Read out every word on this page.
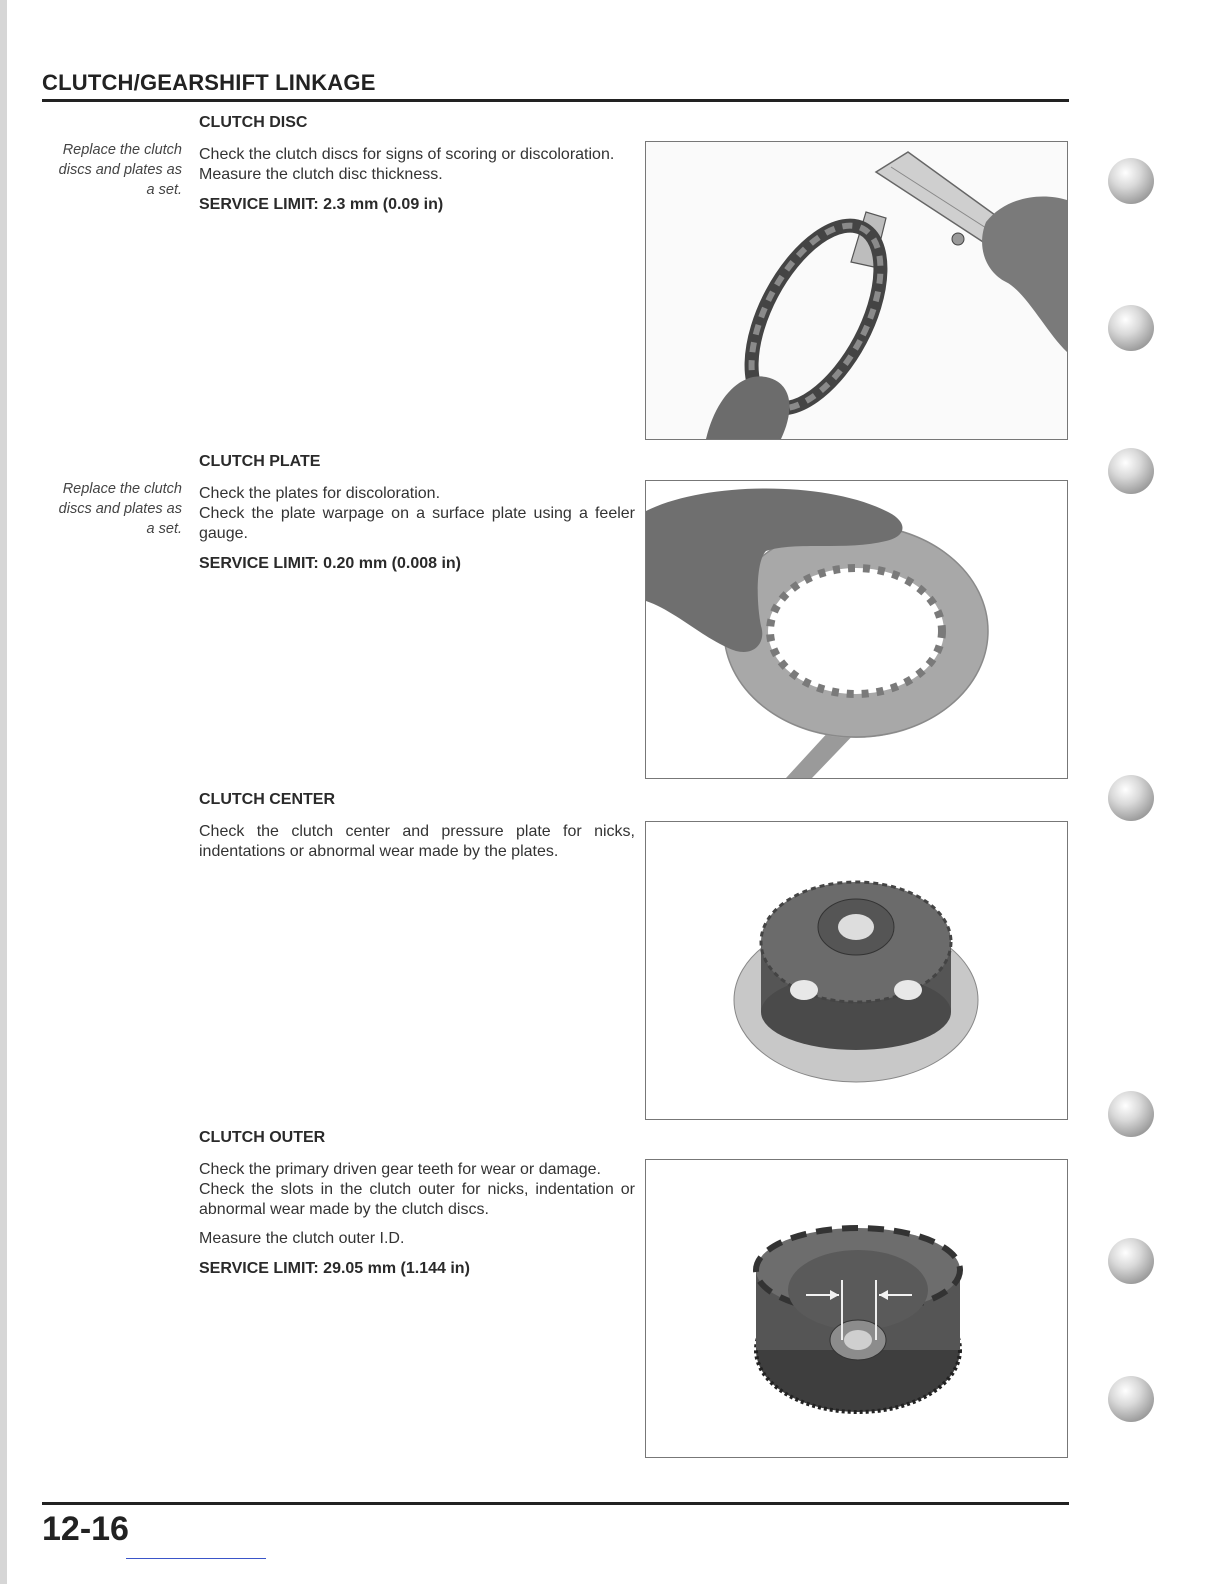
CLUTCH/GEARSHIFT LINKAGE
Replace the clutch
discs and plates as
a set.
CLUTCH DISC

Check the clutch discs for signs of scoring or discoloration.

Measure the clutch disc thickness.

SERVICE LIMIT: 2.3 mm (0.09 in)
Replace the clutch
discs and plates as
a set.
CLUTCH PLATE

Check the plates for discoloration.

Check the plate warpage on a surface plate using a feeler gauge.

SERVICE LIMIT: 0.20 mm (0.008 in)
CLUTCH CENTER

Check the clutch center and pressure plate for nicks, indentations or abnormal wear made by the plates.

CLUTCH OUTER

Check the primary driven gear teeth for wear or damage.

Check the slots in the clutch outer for nicks, indentation or abnormal wear made by the clutch discs.

Measure the clutch outer I.D.

SERVICE LIMIT: 29.05 mm (1.144 in)
12-16
